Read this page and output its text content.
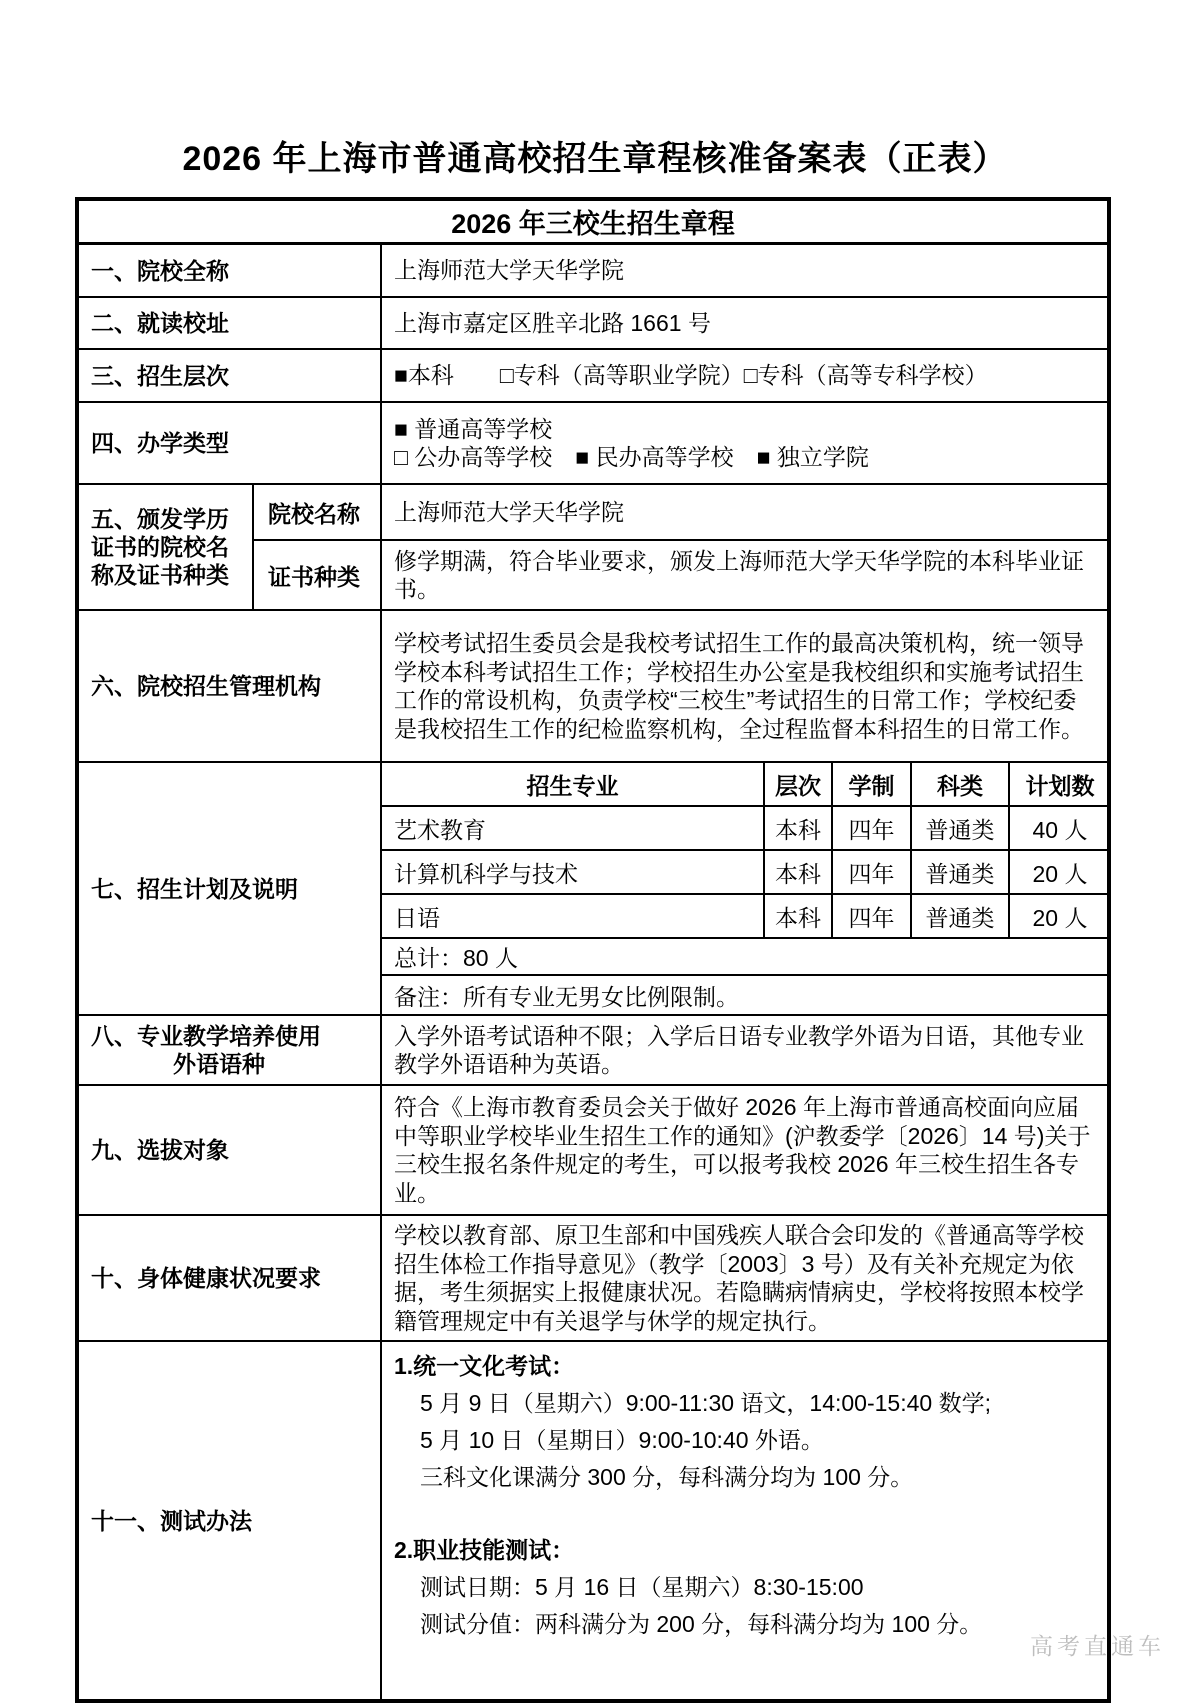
2026 年上海市普通高校招生章程核准备案表（正表）
2026 年三校生招生章程
一、院校全称	上海师范大学天华学院
二、就读校址	上海市嘉定区胜辛北路 1661 号
三、招生层次	■本科　　□专科（高等职业学院）□专科（高等专科学校）
四、办学类型	
■ 普通高等学校
□ 公办高等学校　■ 民办高等学校　■ 独立学院

五、颁发学历证书的院校名称及证书种类	院校名称	上海师范大学天华学院
证书种类	修学期满，符合毕业要求，颁发上海师范大学天华学院的本科毕业证书。
六、院校招生管理机构	学校考试招生委员会是我校考试招生工作的最高决策机构，统一领导学校本科考试招生工作；学校招生办公室是我校组织和实施考试招生工作的常设机构，负责学校“三校生”考试招生的日常工作；学校纪委是我校招生工作的纪检监察机构，全过程监督本科招生的日常工作。
七、招生计划及说明	
招生专业	层次	学制	科类	计划数
艺术教育	本科	四年	普通类	40 人
计算机科学与技术	本科	四年	普通类	20 人
日语	本科	四年	普通类	20 人
总计：80 人
备注：所有专业无男女比例限制。

八、专业教学培养使用
外语语种
	入学外语考试语种不限；入学后日语专业教学外语为日语，其他专业教学外语语种为英语。
九、选拔对象	符合《上海市教育委员会关于做好 2026 年上海市普通高校面向应届中等职业学校毕业生招生工作的通知》(沪教委学〔2026〕14 号)关于三校生报名条件规定的考生，可以报考我校 2026 年三校生招生各专业。
十、身体健康状况要求	学校以教育部、原卫生部和中国残疾人联合会印发的《普通高等学校招生体检工作指导意见》（教学〔2003〕3 号）及有关补充规定为依据，考生须据实上报健康状况。若隐瞒病情病史，学校将按照本校学籍管理规定中有关退学与休学的规定执行。
十一、测试办法	
1.统一文化考试：
5 月 9 日（星期六）9:00-11:30 语文，14:00-15:40 数学;
5 月 10 日（星期日）9:00-10:40 外语。
三科文化课满分 300 分，每科满分均为 100 分。
2.职业技能测试：
测试日期：5 月 16 日（星期六）8:30-15:00
测试分值：两科满分为 200 分，每科满分均为 100 分。
高考直通车
